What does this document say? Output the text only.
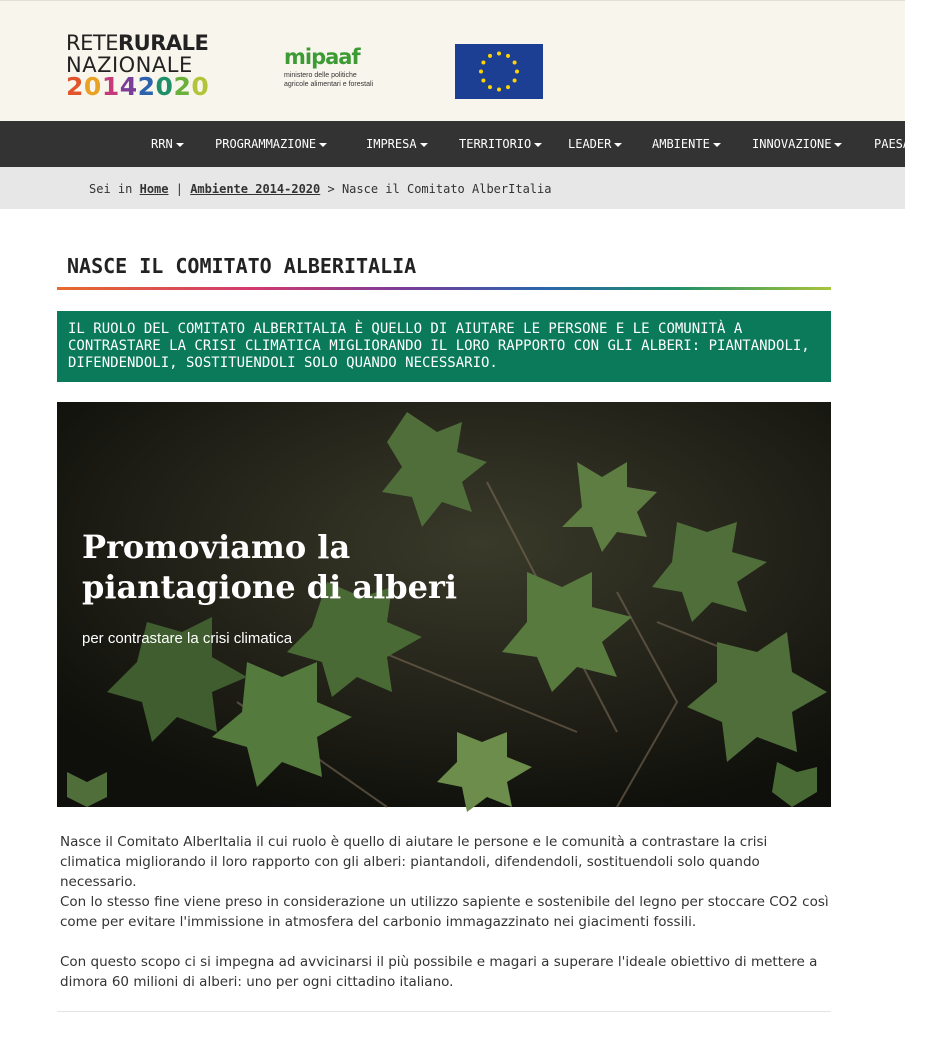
RETERURALE
NAZIONALE
20142020
mipaaf
ministero delle politiche
agricole alimentari e forestali
RRN	PROGRAMMAZIONE	IMPRESA	TERRITORIO	LEADER	AMBIENTE	INNOVAZIONE	PAESAGGIO
Sei in Home | Ambiente 2014-2020 > Nasce il Comitato AlberItalia
NASCE IL COMITATO ALBERITALIA
IL RUOLO DEL COMITATO ALBERITALIA È QUELLO DI AIUTARE LE PERSONE E LE COMUNITÀ A CONTRASTARE LA CRISI CLIMATICA MIGLIORANDO IL LORO RAPPORTO CON GLI ALBERI: PIANTANDOLI, DIFENDENDOLI, SOSTITUENDOLI SOLO QUANDO NECESSARIO.
Promoviamo la piantagione di alberi
per contrastare la crisi climatica

Nasce il Comitato AlberItalia il cui ruolo è quello di aiutare le persone e le comunità a contrastare la crisi climatica migliorando il loro rapporto con gli alberi: piantandoli, difendendoli, sostituendoli solo quando necessario.

Con lo stesso fine viene preso in considerazione un utilizzo sapiente e sostenibile del legno per stoccare CO2 così come per evitare l'immissione in atmosfera del carbonio immagazzinato nei giacimenti fossili.

Con questo scopo ci si impegna ad avvicinarsi il più possibile e magari a superare l'ideale obiettivo di mettere a dimora 60 milioni di alberi: uno per ogni cittadino italiano.
